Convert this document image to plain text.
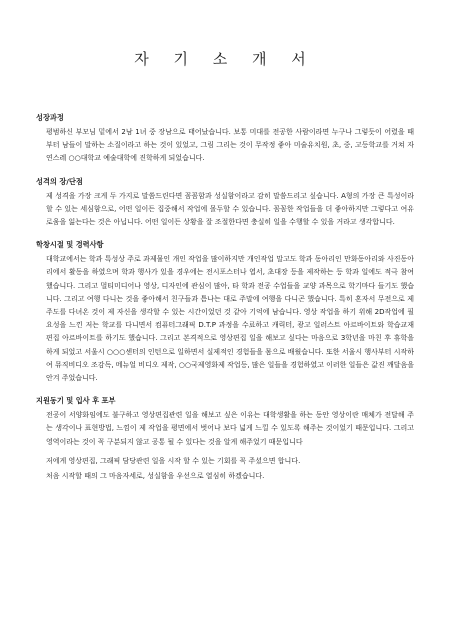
자 기 소 개 서
성장과정

평범하신 부모님 밑에서 2남 1녀 중 장남으로 태어났습니다. 보통 미대를 전공한 사람이라면 누구나 그렇듯이 어렸을 때부터 남들이 말하는 소질이라고 하는 것이 있었고, 그림 그리는 것이 무작정 좋아 미술유치원, 초, 중, 고등학교를 거쳐 자연스레 ○○대학교 예술대학에 진학하게 되었습니다.

성격의 장/단점

제 성격을 가장 크게 두 가지로 말씀드린다면 꼼꼼함과 성실함이라고 감히 말씀드리고 싶습니다. A형의 가장 큰 특성이라 할 수 있는 세심함으로, 어떤 일이든 집중해서 작업에 몰두할 수 있습니다. 꼼꼼한 작업들을 더 좋아하지만 그렇다고 여유로움을 잃는다는 것은 아닙니다. 어떤 일이든 상황을 잘 조절한다면 충실히 일을 수행할 수 있을 거라고 생각합니다.

학창시절 및 경력사항

대학교에서는 학과 특성상 주로 과제물인 개인 작업을 많이하지만 개인작업 말고도 학과 동아리인 만화동아리와 사진동아리에서 활동을 하였으며 학과 행사가 있을 경우에는 전시포스터나 엽서, 초대장 등을 제작하는 등 학과 일에도 적극 참여했습니다. 그리고 멀티미디어나 영상, 디자인에 관심이 많아, 타 학과 전공 수업들을 교양 과목으로 학기마다 들기도 했습니다. 그리고 여행 다니는 것을 좋아해서 친구들과 틈나는 대로 주말에 여행을 다니곤 했습니다. 특히 혼자서 무전으로 제주도를 다녀온 것이 제 자신을 생각할 수 있는 시간이었던 것 같아 기억에 남습니다. 영상 작업을 하기 위해 2D작업에 필요성을 느낀 저는 학교를 다니면서 컴퓨터그래픽 D.T.P 과정을 수료하고 캐릭터, 광고 일러스트 아르바이트와 학습교재 편집 아르바이트를 하기도 했습니다. 그리고 본격적으로 영상편집 일을 해보고 싶다는 마음으로 3학년을 마친 후 휴학을 하게 되었고 서울시 ○○○센터의 인턴으로 일하면서 실제적인 경험들을 몸으로 배웠습니다. 또한 서울시 행사부터 시작하여 뮤직비디오 조감독, 메뉴얼 비디오 제작, ○○국제영화제 작업등, 많은 일들을 경험하였고 이러한 일들은 값진 깨달음을 안겨 주었습니다.

지원동기 및 입사 후 포부

전공이 서양화임에도 불구하고 영상편집관련 일을 해보고 싶은 이유는 대학생활을 하는 동안 영상이란 매체가 전달해 주는 생각이나 표현방법, 느낌이 제 작업을 평면에서 벗어나 보다 넓게 느낄 수 있도록 해주는 것이었기 때문입니다. 그리고 영역이라는 것이 꼭 구분되지 않고 공통 될 수 있다는 것을 알게 해주었기 때문입니다

저에게 영상편집, 그래픽 담당관련 일을 시작 할 수 있는 기회를 꼭 주셨으면 합니다.

처음 시작할 때의 그 마음자세로, 성실함을 우선으로 열심히 하겠습니다.
